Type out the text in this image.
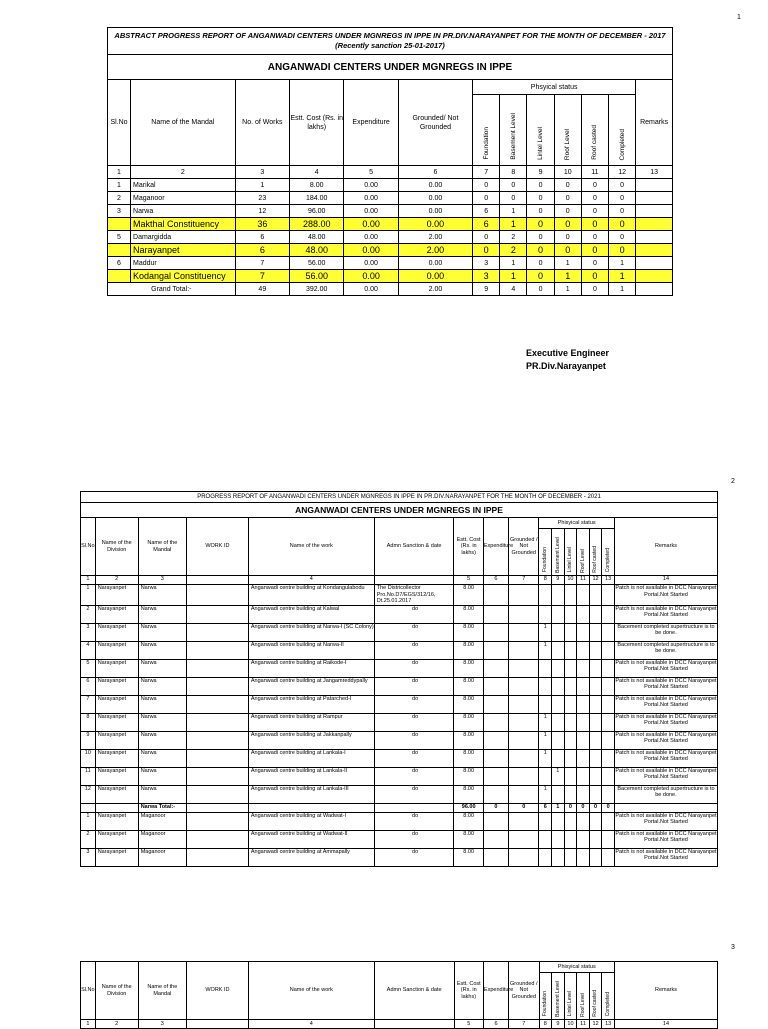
1
2
3
ABSTRACT PROGRESS REPORT OF ANGANWADI CENTERS UNDER MGNREGS IN IPPE IN PR.DIV.NARAYANPET FOR THE MONTH OF DECEMBER - 2017 (Recently sanction 25-01-2017)												
ANGANWADI CENTERS UNDER MGNREGS IN IPPE												
Sl.No	Name of the Mandal	No. of Works	Estt. Cost (Rs. in lakhs)	Expenditure	Grounded/ Not Grounded	Phsyical status						Remarks
						Foundation	Basement Level	Lintel Level	Roof Level	Roof casted	Completed	
1	2	3	4	5	6	7	8	9	10	11	12	13
1	Marikal	1	8.00	0.00	0.00	0	0	0	0	0	0	
2	Maganoor	23	184.00	0.00	0.00	0	0	0	0	0	0	
3	Narwa	12	96.00	0.00	0.00	6	1	0	0	0	0	
	Makthal Constituency	36	288.00	0.00	0.00	6	1	0	0	0	0	
5	Damargidda	6	48.00	0.00	2.00	0	2	0	0	0	0	
	Narayanpet	6	48.00	0.00	2.00	0	2	0	0	0	0	
6	Maddur	7	56.00	0.00	0.00	3	1	0	1	0	1	
	Kodangal Constituency	7	56.00	0.00	0.00	3	1	0	1	0	1	
Grand Total:-		49	392.00	0.00	2.00	9	4	0	1	0	1	
Executive Engineer
PR.Div.Narayanpet
PROGRESS REPORT OF ANGANWADI CENTERS UNDER MGNREGS IN IPPE IN PR.DIV.NARAYANPET FOR THE MONTH OF DECEMBER - 2021															
ANGANWADI CENTERS UNDER MGNREGS IN IPPE															
Sl.No	Name of the Division	Name of the Mandal	WORK ID	Name of the work	Admn Sanction & date	Estt. Cost (Rs. in lakhs)	Expenditure	Grounded / Not Grounded	Phisyical status						Remarks
									Foundation	Basement Level	Lintel Level	Roof Level	Roof casted	Completed	
1	2	3		4		5	6	7	8	9	10	11	12	13	14
1	Narayanpet	Narwa		Anganwadi centre building at Kondangulabodu	The Districollector Pro.No.D7/EGS/312/16, Dt.25.01.2017	8.00									Patch is not available in DCC Narayanpet Portal.Not Started
2	Narayanpet	Narwa		Anganwadi centre building at Kalwal	do	8.00									Patch is not available in DCC Narayanpet Portal.Not Started
3	Narayanpet	Narwa		Anganwadi centre building at Narwa-I (SC Colony)	do	8.00			1						Bacement completed supertructure is to be done.
4	Narayanpet	Narwa		Anganwadi centre building at Narwa-II	do	8.00			1						Bacement completed supertructure is to be done.
5	Narayanpet	Narwa		Anganwadi centre building at Raikode-I	do	8.00									Patch is not available in DCC Narayanpet Portal.Not Started
6	Narayanpet	Narwa		Anganwadi centre building at Jangamreddypally	do	8.00									Patch is not available in DCC Narayanpet Portal.Not Started
7	Narayanpet	Narwa		Anganwadi centre building at Patarched-I	do	8.00									Patch is not available in DCC Narayanpet Portal.Not Started
8	Narayanpet	Narwa		Anganwadi centre building at Rampur	do	8.00			1						Patch is not available in DCC Narayanpet Portal.Not Started
9	Narayanpet	Narwa		Anganwadi centre building at Jakkanpally	do	8.00			1						Patch is not available in DCC Narayanpet Portal.Not Started
10	Narayanpet	Narwa		Anganwadi centre building at Lankala-I	do	8.00			1						Patch is not available in DCC Narayanpet Portal.Not Started
11	Narayanpet	Narwa		Anganwadi centre building at Lankala-II	do	8.00				1					Patch is not available in DCC Narayanpet Portal.Not Started
12	Narayanpet	Narwa		Anganwadi centre building at Lankala-III	do	8.00			1						Bacement completed supertructure is to be done.
		Narwa Total:-				96.00	0	0	6	1	0	0	0	0	
1	Narayanpet	Maganoor		Anganwadi centre building at Wadwat-I	do	8.00									Patch is not available in DCC Narayanpet Portal.Not Started
2	Narayanpet	Maganoor		Anganwadi centre building at Wadwat-II	do	8.00									Patch is not available in DCC Narayanpet Portal.Not Started
3	Narayanpet	Maganoor		Anganwadi centre building at Ammapally	do	8.00									Patch is not available in DCC Narayanpet Portal.Not Started
Sl.No	Name of the Division	Name of the Mandal	WORK ID	Name of the work	Admn Sanction & date	Estt. Cost (Rs. in lakhs)	Expenditure	Grounded / Not Grounded	Phisyical status						Remarks
									Foundation	Basement Level	Lintel Level	Roof Level	Roof casted	Completed	
1	2	3		4		5	6	7	8	9	10	11	12	13	14
